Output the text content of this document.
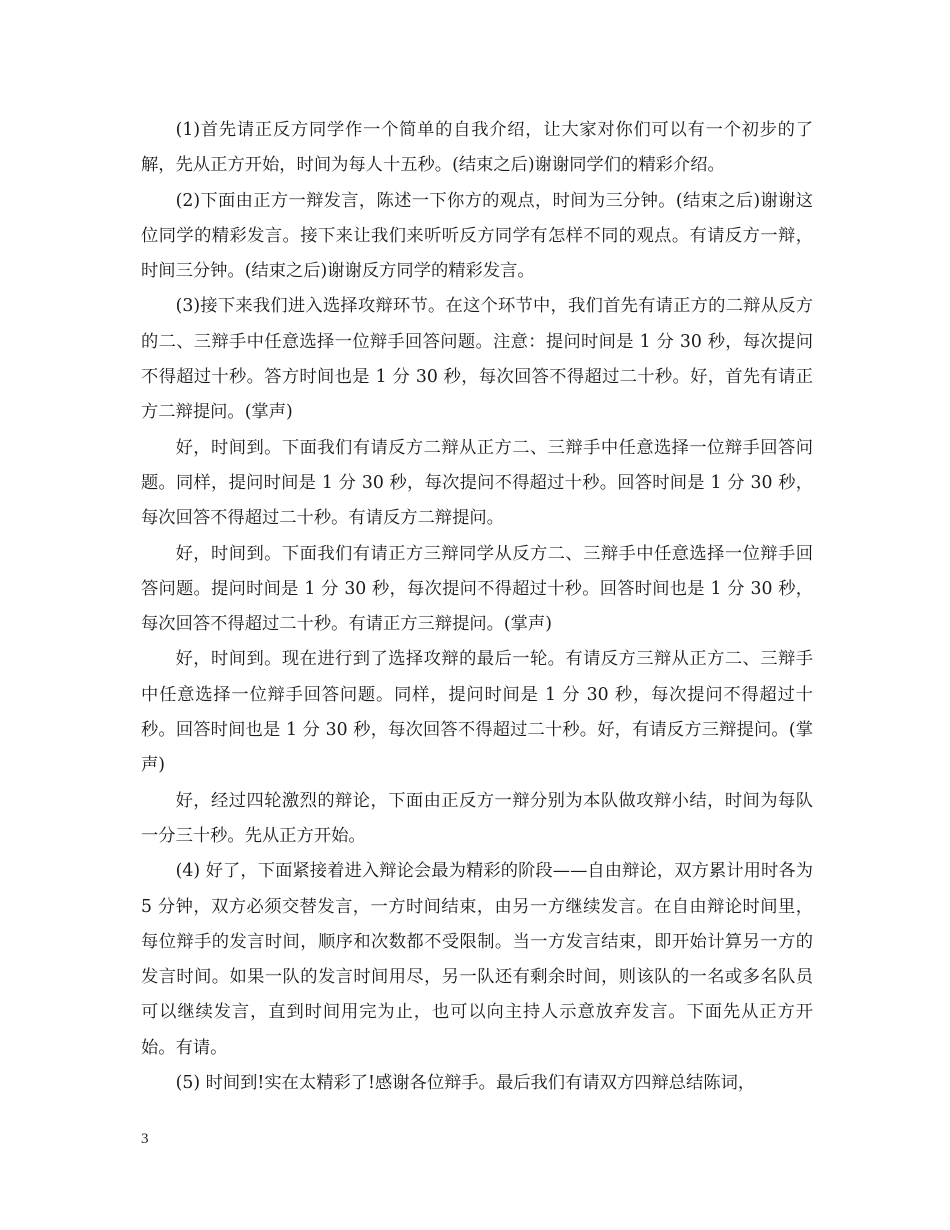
(1)首先请正反方同学作一个简单的自我介绍，让大家对你们可以有一个初步的了解，先从正方开始，时间为每人十五秒。(结束之后)谢谢同学们的精彩介绍。

(2)下面由正方一辩发言，陈述一下你方的观点，时间为三分钟。(结束之后)谢谢这位同学的精彩发言。接下来让我们来听听反方同学有怎样不同的观点。有请反方一辩，时间三分钟。(结束之后)谢谢反方同学的精彩发言。

(3)接下来我们进入选择攻辩环节。在这个环节中，我们首先有请正方的二辩从反方的二、三辩手中任意选择一位辩手回答问题。注意：提问时间是 1 分 30 秒，每次提问不得超过十秒。答方时间也是 1 分 30 秒，每次回答不得超过二十秒。好，首先有请正方二辩提问。(掌声)

好，时间到。下面我们有请反方二辩从正方二、三辩手中任意选择一位辩手回答问题。同样，提问时间是 1 分 30 秒，每次提问不得超过十秒。回答时间是 1 分 30 秒，每次回答不得超过二十秒。有请反方二辩提问。

好，时间到。下面我们有请正方三辩同学从反方二、三辩手中任意选择一位辩手回答问题。提问时间是 1 分 30 秒，每次提问不得超过十秒。回答时间也是 1 分 30 秒，每次回答不得超过二十秒。有请正方三辩提问。(掌声)

好，时间到。现在进行到了选择攻辩的最后一轮。有请反方三辩从正方二、三辩手中任意选择一位辩手回答问题。同样，提问时间是 1 分 30 秒，每次提问不得超过十秒。回答时间也是 1 分 30 秒，每次回答不得超过二十秒。好，有请反方三辩提问。(掌声)

好，经过四轮激烈的辩论，下面由正反方一辩分别为本队做攻辩小结，时间为每队一分三十秒。先从正方开始。

(4) 好了，下面紧接着进入辩论会最为精彩的阶段——自由辩论，双方累计用时各为 5 分钟，双方必须交替发言，一方时间结束，由另一方继续发言。在自由辩论时间里，每位辩手的发言时间，顺序和次数都不受限制。当一方发言结束，即开始计算另一方的发言时间。如果一队的发言时间用尽，另一队还有剩余时间，则该队的一名或多名队员可以继续发言，直到时间用完为止，也可以向主持人示意放弃发言。下面先从正方开始。有请。

(5) 时间到!实在太精彩了!感谢各位辩手。最后我们有请双方四辩总结陈词，

3
